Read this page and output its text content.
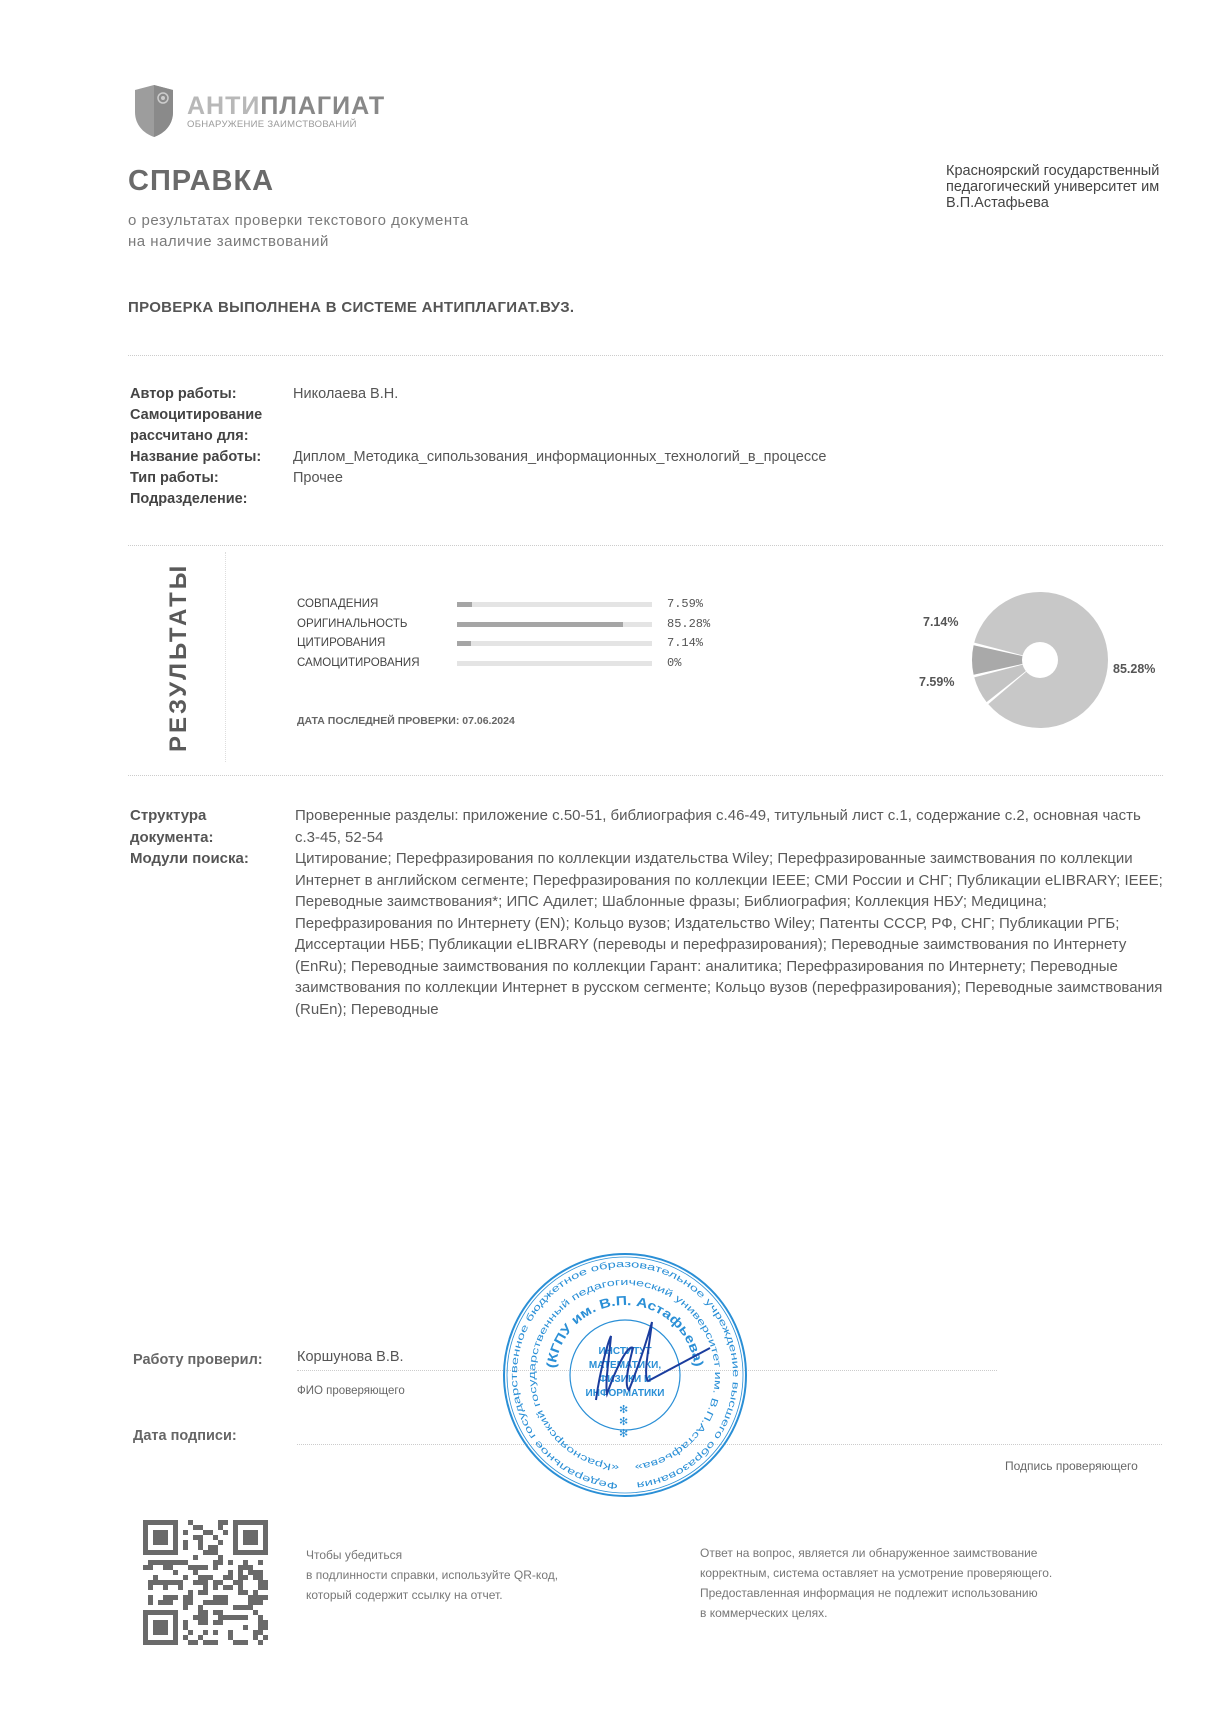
АНТИПЛАГИАТ
ОБНАРУЖЕНИЕ ЗАИМСТВОВАНИЙ
СПРАВКА
о результатах проверки текстового документа
на наличие заимствований
Красноярский государственный
педагогический университет им
В.П.Астафьева
ПРОВЕРКА ВЫПОЛНЕНА В СИСТЕМЕ АНТИПЛАГИАТ.ВУЗ.
Автор работы:	Николаева В.Н.
Самоцитирование
рассчитано для:
Название работы:	Диплом_Методика_сипользования_информационных_технологий_в_процессе
Тип работы:	Прочее
Подразделение:
РЕЗУЛЬТАТЫ	СОВПАДЕНИЯ	7.59%
ОРИГИНАЛЬНОСТЬ	85.28%
ЦИТИРОВАНИЯ	7.14%
САМОЦИТИРОВАНИЯ	0%
ДАТА ПОСЛЕДНЕЙ ПРОВЕРКИ: 07.06.2024
7.14%
7.59%
85.28%
Структура
документа:
Проверенные разделы: приложение с.50-51, библиография с.46-49, титульный лист с.1, содержание с.2, основная часть с.3-45, 52-54
Модули поиска:	Цитирование; Перефразирования по коллекции издательства Wiley; Перефразированные заимствования по коллекции Интернет в английском сегменте; Перефразирования по коллекции IEEE; СМИ России и СНГ; Публикации eLIBRARY; IEEE; Переводные заимствования*; ИПС Адилет; Шаблонные фразы; Библиография; Коллекция НБУ; Медицина; Перефразирования по Интернету (EN); Кольцо вузов; Издательство Wiley; Патенты СССР, РФ, СНГ; Публикации РГБ; Диссертации НББ; Публикации eLIBRARY (переводы и перефразирования); Переводные заимствования по Интернету (EnRu); Переводные заимствования по коллекции Гарант: аналитика; Перефразирования по Интернету; Переводные заимствования по коллекции Интернет в русском сегменте; Кольцо вузов (перефразирования); Переводные заимствования (RuEn); Переводные
Работу проверил: Коршунова В.В.
ФИО проверяющего
Дата подписи:
Подпись проверяющего
Федеральное государственное бюджетное образовательное учреждение высшего образования
«Красноярский государственный педагогический университет им. В.П.Астафьева»
(КГПУ им. В.П. Астафьева)
ИНСТИТУТ
МАТЕМАТИКИ,
ФИЗИКИ И
ИНФОРМАТИКИ
✻
✻
✻
Чтобы убедиться
в подлинности справки, используйте QR-код,
который содержит ссылку на отчет.
Ответ на вопрос, является ли обнаруженное заимствование
корректным, система оставляет на усмотрение проверяющего.
Предоставленная информация не подлежит использованию
в коммерческих целях.
